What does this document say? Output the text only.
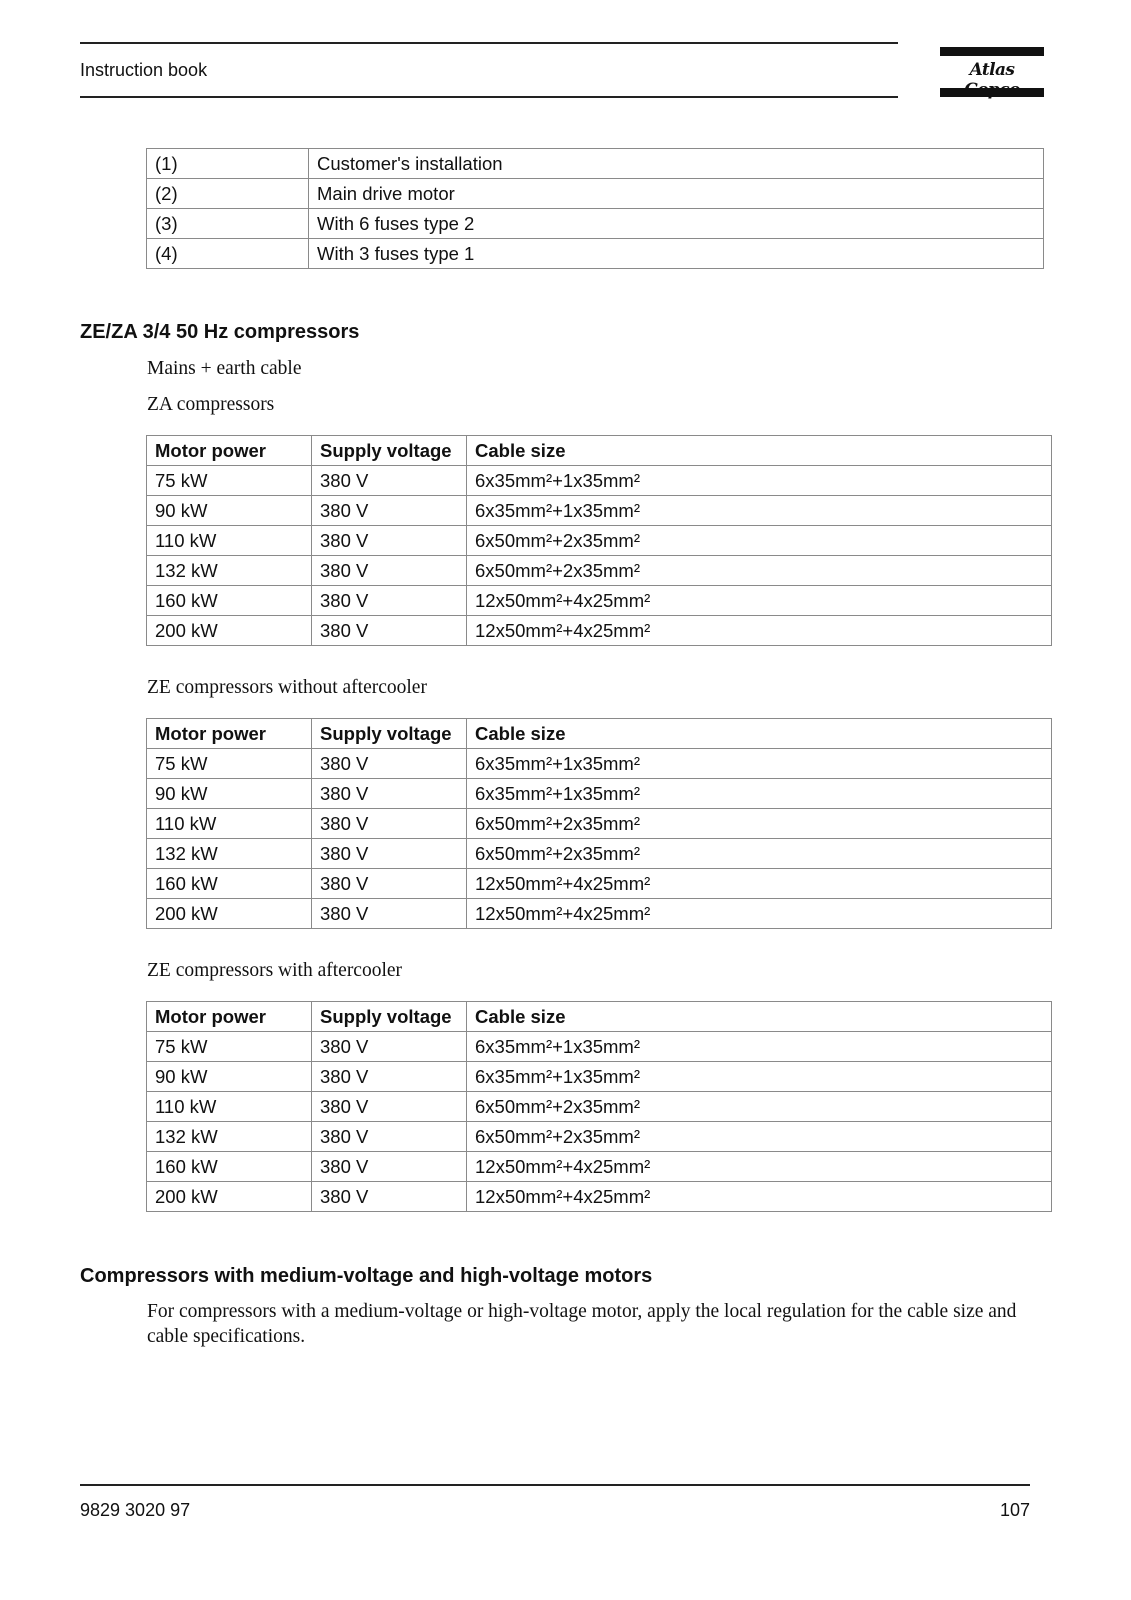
Instruction book	Atlas
(1)	Customer's installation
(2)	Main drive motor
(3)	With 6 fuses type 2
(4)	With 3 fuses type 1
ZE/ZA 3/4 50 Hz compressors
Mains + earth cable
ZA compressors
Motor power	Supply voltage	Cable size
75 kW	380 V	6x35mm²+1x35mm²
90 kW	380 V	6x35mm²+1x35mm²
110 kW	380 V	6x50mm²+2x35mm²
132 kW	380 V	6x50mm²+2x35mm²
160 kW	380 V	12x50mm²+4x25mm²
200 kW	380 V	12x50mm²+4x25mm²
ZE compressors without aftercooler
Motor power	Supply voltage	Cable size
75 kW	380 V	6x35mm²+1x35mm²
90 kW	380 V	6x35mm²+1x35mm²
110 kW	380 V	6x50mm²+2x35mm²
132 kW	380 V	6x50mm²+2x35mm²
160 kW	380 V	12x50mm²+4x25mm²
200 kW	380 V	12x50mm²+4x25mm²
ZE compressors with aftercooler
Motor power	Supply voltage	Cable size
75 kW	380 V	6x35mm²+1x35mm²
90 kW	380 V	6x35mm²+1x35mm²
110 kW	380 V	6x50mm²+2x35mm²
132 kW	380 V	6x50mm²+2x35mm²
160 kW	380 V	12x50mm²+4x25mm²
200 kW	380 V	12x50mm²+4x25mm²
Compressors with medium-voltage and high-voltage motors
For compressors with a medium-voltage or high-voltage motor, apply the local regulation for the cable size and cable specifications.
9829 3020 97	107
